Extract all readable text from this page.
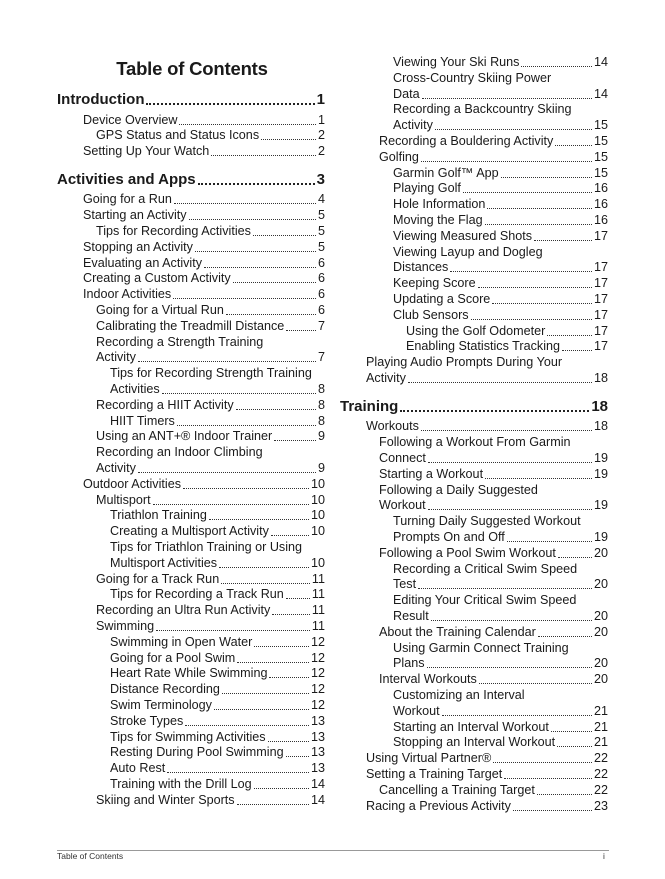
Table of Contents
Introduction	1
Device Overview	1
GPS Status and Status Icons	2
Setting Up Your Watch	2
Activities and Apps	3
Going for a Run	4
Starting an Activity	5
Tips for Recording Activities	5
Stopping an Activity	5
Evaluating an Activity	6
Creating a Custom Activity	6
Indoor Activities	6
Going for a Virtual Run	6
Calibrating the Treadmill Distance	7
Recording a Strength Training
Activity	7
Tips for Recording Strength Training
Activities	8
Recording a HIIT Activity	8
HIIT Timers	8
Using an ANT+® Indoor Trainer	9
Recording an Indoor Climbing
Activity	9
Outdoor Activities	10
Multisport	10
Triathlon Training	10
Creating a Multisport Activity	10
Tips for Triathlon Training or Using
Multisport Activities	10
Going for a Track Run	11
Tips for Recording a Track Run 11
Recording an Ultra Run Activity	11
Swimming	11
Swimming in Open Water	12
Going for a Pool Swim	12
Heart Rate While Swimming	12
Distance Recording	12
Swim Terminology	12
Stroke Types	13
Tips for Swimming Activities	13
Resting During Pool Swimming 13
Auto Rest	13
Training with the Drill Log	14
Skiing and Winter Sports	14
Viewing Your Ski Runs	14
Cross-Country Skiing Power
Data	14
Recording a Backcountry Skiing
Activity	15
Recording a Bouldering Activity	15
Golfing	15
Garmin Golf™ App	15
Playing Golf	16
Hole Information	16
Moving the Flag	16
Viewing Measured Shots	17
Viewing Layup and Dogleg
Distances	17
Keeping Score	17
Updating a Score	17
Club Sensors	17
Using the Golf Odometer	17
Enabling Statistics Tracking	17
Playing Audio Prompts During Your
Activity	18
Training	18
Workouts	18
Following a Workout From Garmin
Connect	19
Starting a Workout	19
Following a Daily Suggested
Workout	19
Turning Daily Suggested Workout
Prompts On and Off	19
Following a Pool Swim Workout	20
Recording a Critical Swim Speed
Test	20
Editing Your Critical Swim Speed
Result	20
About the Training Calendar	20
Using Garmin Connect Training
Plans	20
Interval Workouts	20
Customizing an Interval
Workout	21
Starting an Interval Workout	21
Stopping an Interval Workout	21
Using Virtual Partner®	22
Setting a Training Target	22
Cancelling a Training Target	22
Racing a Previous Activity	23
Table of Contents	i
